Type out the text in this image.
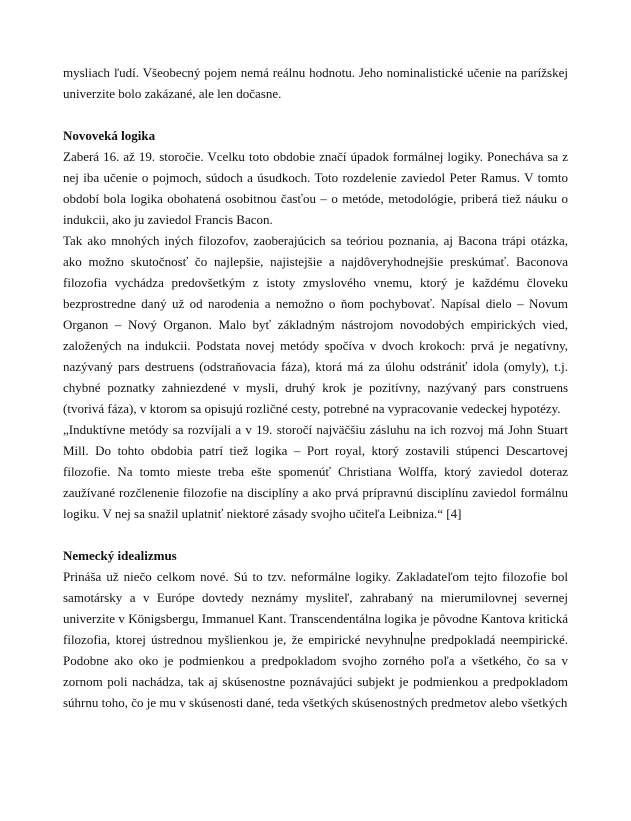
mysliach ľudí. Všeobecný pojem nemá reálnu hodnotu. Jeho nominalistické učenie na parížskej univerzite bolo zakázané, ale len dočasne.

Novoveká logika

Zaberá 16. až 19. storočie. Vcelku toto obdobie značí úpadok formálnej logiky. Ponecháva sa z nej iba učenie o pojmoch, súdoch a úsudkoch. Toto rozdelenie zaviedol Peter Ramus. V tomto období bola logika obohatená osobitnou časťou – o metóde, metodológie, priberá tiež náuku o indukcii, ako ju zaviedol Francis Bacon.

Tak ako mnohých iných filozofov, zaoberajúcich sa teóriou poznania, aj Bacona trápi otázka, ako možno skutočnosť čo najlepšie, najistejšie a najdôveryhodnejšie preskúmať. Baconova filozofia vychádza predovšetkým z istoty zmyslového vnemu, ktorý je každému človeku bezprostredne daný už od narodenia a nemožno o ňom pochybovať. Napísal dielo – Novum Organon – Nový Organon. Malo byť základným nástrojom novodobých empirických vied, založených na indukcii. Podstata novej metódy spočíva v dvoch krokoch: prvá je negatívny, nazývaný pars destruens (odstraňovacia fáza), ktorá má za úlohu odstrániť idola (omyly), t.j. chybné poznatky zahniezdené v mysli, druhý krok je pozitívny, nazývaný pars construens (tvorivá fáza), v ktorom sa opisujú rozličné cesty, potrebné na vypracovanie vedeckej hypotézy.

„Induktívne metódy sa rozvíjali a v 19. storočí najväčšiu zásluhu na ich rozvoj má John Stuart Mill. Do tohto obdobia patrí tiež logika – Port royal, ktorý zostavili stúpenci Descartovej filozofie. Na tomto mieste treba ešte spomenúť Christiana Wolffa, ktorý zaviedol doteraz zaužívané rozčlenenie filozofie na disciplíny a ako prvá prípravnú disciplínu zaviedol formálnu logiku. V nej sa snažil uplatniť niektoré zásady svojho učiteľa Leibniza.“ [4]

Nemecký idealizmus

Prináša už niečo celkom nové. Sú to tzv. neformálne logiky. Zakladateľom tejto filozofie bol samotársky a v Európe dovtedy neznámy mysliteľ, zahrabaný na mierumilovnej severnej univerzite v Königsbergu, Immanuel Kant. Transcendentálna logika je pôvodne Kantova kritická filozofia, ktorej ústrednou myšlienkou je, že empirické nevyhnu ne predpokladá neempirické. Podobne ako oko je podmienkou a predpokladom svojho zorného poľa a všetkého, čo sa v zornom poli nachádza, tak aj skúsenostne poznávajúci subjekt je podmienkou a predpokladom súhrnu toho, čo je mu v skúsenosti dané, teda všetkých skúsenostných predmetov alebo všetkých
